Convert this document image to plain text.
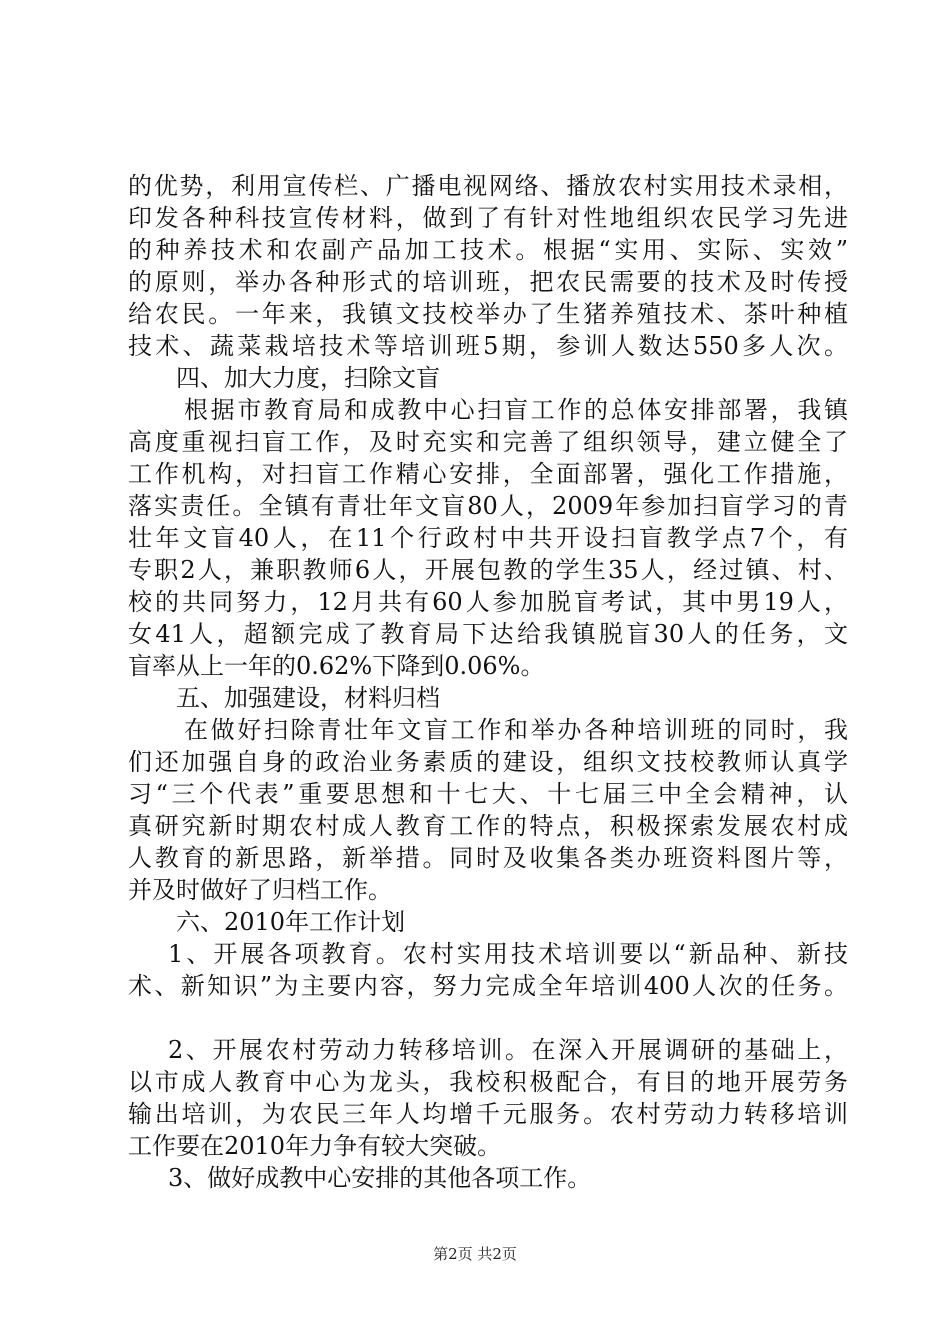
的优势，利用宣传栏、广播电视网络、播放农村实用技术录相，
印发各种科技宣传材料，做到了有针对性地组织农民学习先进
的种养技术和农副产品加工技术。根据“实用、实际、实效”
的原则，举办各种形式的培训班，把农民需要的技术及时传授
给农民。一年来，我镇文技校举办了生猪养殖技术、茶叶种植
技术、蔬菜栽培技术等培训班5期，参训人数达550多人次。
四、加大力度，扫除文盲
根据市教育局和成教中心扫盲工作的总体安排部署，我镇
高度重视扫盲工作，及时充实和完善了组织领导，建立健全了
工作机构，对扫盲工作精心安排，全面部署，强化工作措施，
落实责任。全镇有青壮年文盲80人，2009年参加扫盲学习的青
壮年文盲40人，在11个行政村中共开设扫盲教学点7个，有
专职2人，兼职教师6人，开展包教的学生35人，经过镇、村、
校的共同努力，12月共有60人参加脱盲考试，其中男19人，
女41人，超额完成了教育局下达给我镇脱盲30人的任务，文
盲率从上一年的0.62%下降到0.06%。
五、加强建设，材料归档
在做好扫除青壮年文盲工作和举办各种培训班的同时，我
们还加强自身的政治业务素质的建设，组织文技校教师认真学
习“三个代表”重要思想和十七大、十七届三中全会精神，认
真研究新时期农村成人教育工作的特点，积极探索发展农村成
人教育的新思路，新举措。同时及收集各类办班资料图片等，
并及时做好了归档工作。
六、2010年工作计划
1、开展各项教育。农村实用技术培训要以“新品种、新技
术、新知识”为主要内容，努力完成全年培训400人次的任务。
2、开展农村劳动力转移培训。在深入开展调研的基础上，
以市成人教育中心为龙头，我校积极配合，有目的地开展劳务
输出培训，为农民三年人均增千元服务。农村劳动力转移培训
工作要在2010年力争有较大突破。
3、做好成教中心安排的其他各项工作。
第2页 共2页
